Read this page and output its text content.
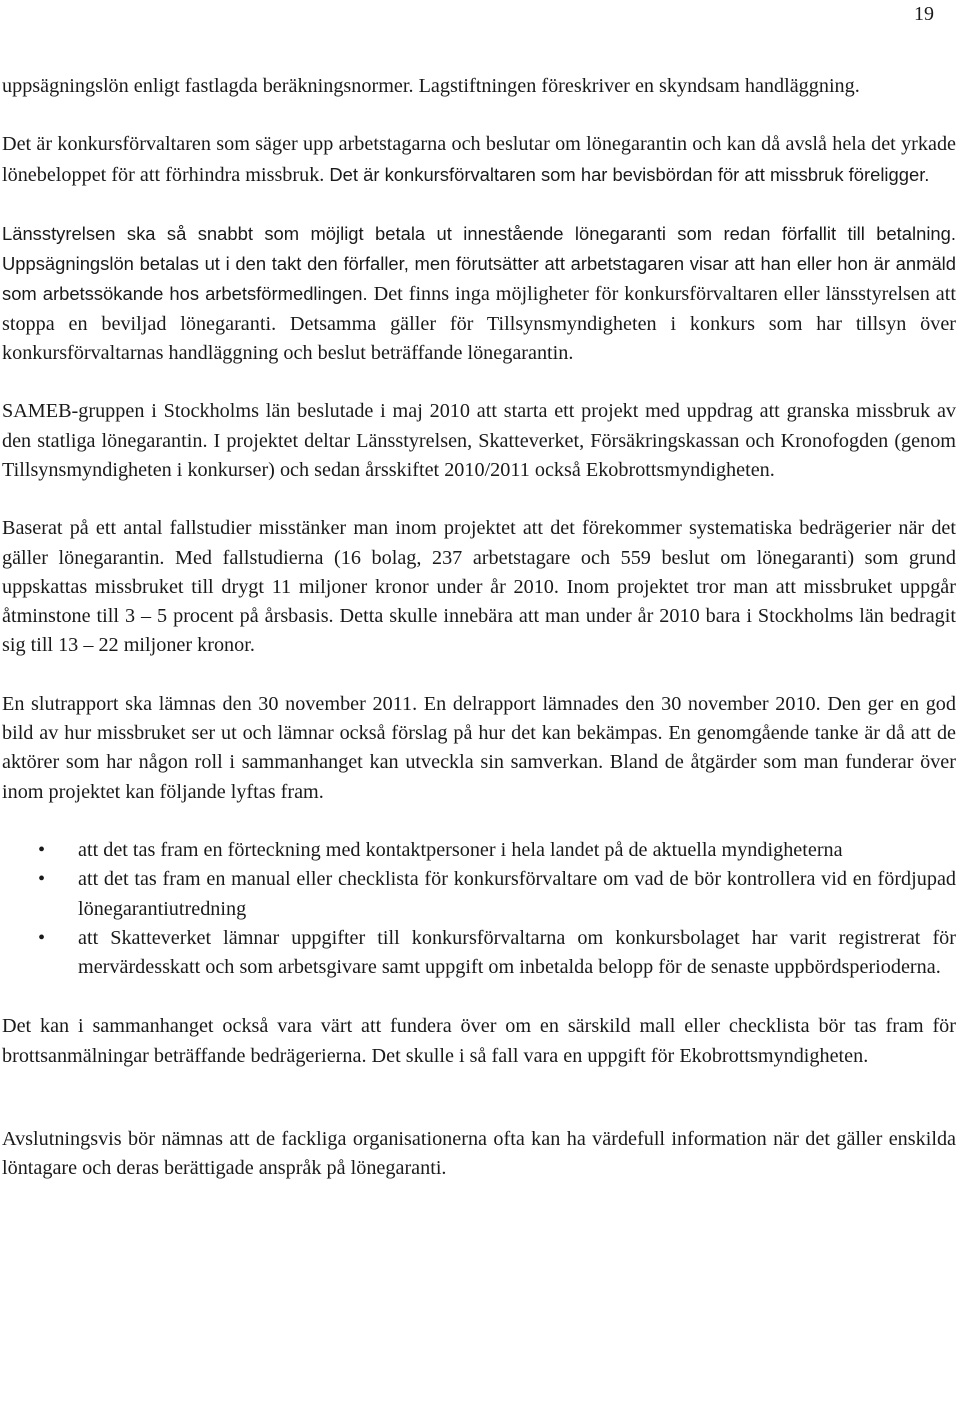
19

uppsägningslön enligt fastlagda beräkningsnormer. Lagstiftningen föreskriver en skyndsam handläggning.

Det är konkursförvaltaren som säger upp arbetstagarna och beslutar om lönegarantin och kan då avslå hela det yrkade lönebeloppet för att förhindra missbruk. Det är konkursförvaltaren som har bevisbördan för att missbruk föreligger.

Länsstyrelsen ska så snabbt som möjligt betala ut innestående lönegaranti som redan förfallit till betalning. Uppsägningslön betalas ut i den takt den förfaller, men förutsätter att arbetstagaren visar att han eller hon är anmäld som arbetssökande hos arbetsförmedlingen. Det finns inga möjligheter för konkursförvaltaren eller länsstyrelsen att stoppa en beviljad lönegaranti. Detsamma gäller för Tillsynsmyndigheten i konkurs som har tillsyn över konkursförvaltarnas handläggning och beslut beträffande lönegarantin.

SAMEB-gruppen i Stockholms län beslutade i maj 2010 att starta ett projekt med uppdrag att granska missbruk av den statliga lönegarantin. I projektet deltar Länsstyrelsen, Skatteverket, Försäkringskassan och Kronofogden (genom Tillsynsmyndigheten i konkurser) och sedan årsskiftet 2010/2011 också Ekobrottsmyndigheten.

Baserat på ett antal fallstudier misstänker man inom projektet att det förekommer systematiska bedrägerier när det gäller lönegarantin. Med fallstudierna (16 bolag, 237 arbetstagare och 559 beslut om lönegaranti) som grund uppskattas missbruket till drygt 11 miljoner kronor under år 2010. Inom projektet tror man att missbruket uppgår åtminstone till 3 – 5 procent på årsbasis. Detta skulle innebära att man under år 2010 bara i Stockholms län bedragit sig till 13 – 22 miljoner kronor.

En slutrapport ska lämnas den 30 november 2011. En delrapport lämnades den 30 november 2010. Den ger en god bild av hur missbruket ser ut och lämnar också förslag på hur det kan bekämpas. En genomgående tanke är då att de aktörer som har någon roll i sammanhanget kan utveckla sin samverkan. Bland de åtgärder som man funderar över inom projektet kan följande lyftas fram.

• att det tas fram en förteckning med kontaktpersoner i hela landet på de aktuella myndigheterna
• att det tas fram en manual eller checklista för konkursförvaltare om vad de bör kontrollera vid en fördjupad lönegarantiutredning
• att Skatteverket lämnar uppgifter till konkursförvaltarna om konkursbolaget har varit registrerat för mervärdesskatt och som arbetsgivare samt uppgift om inbetalda belopp för de senaste uppbördsperioderna.

Det kan i sammanhanget också vara värt att fundera över om en särskild mall eller checklista bör tas fram för brottsanmälningar beträffande bedrägerierna. Det skulle i så fall vara en uppgift för Ekobrottsmyndigheten.

Avslutningsvis bör nämnas att de fackliga organisationerna ofta kan ha värdefull information när det gäller enskilda löntagare och deras berättigade anspråk på lönegaranti.
